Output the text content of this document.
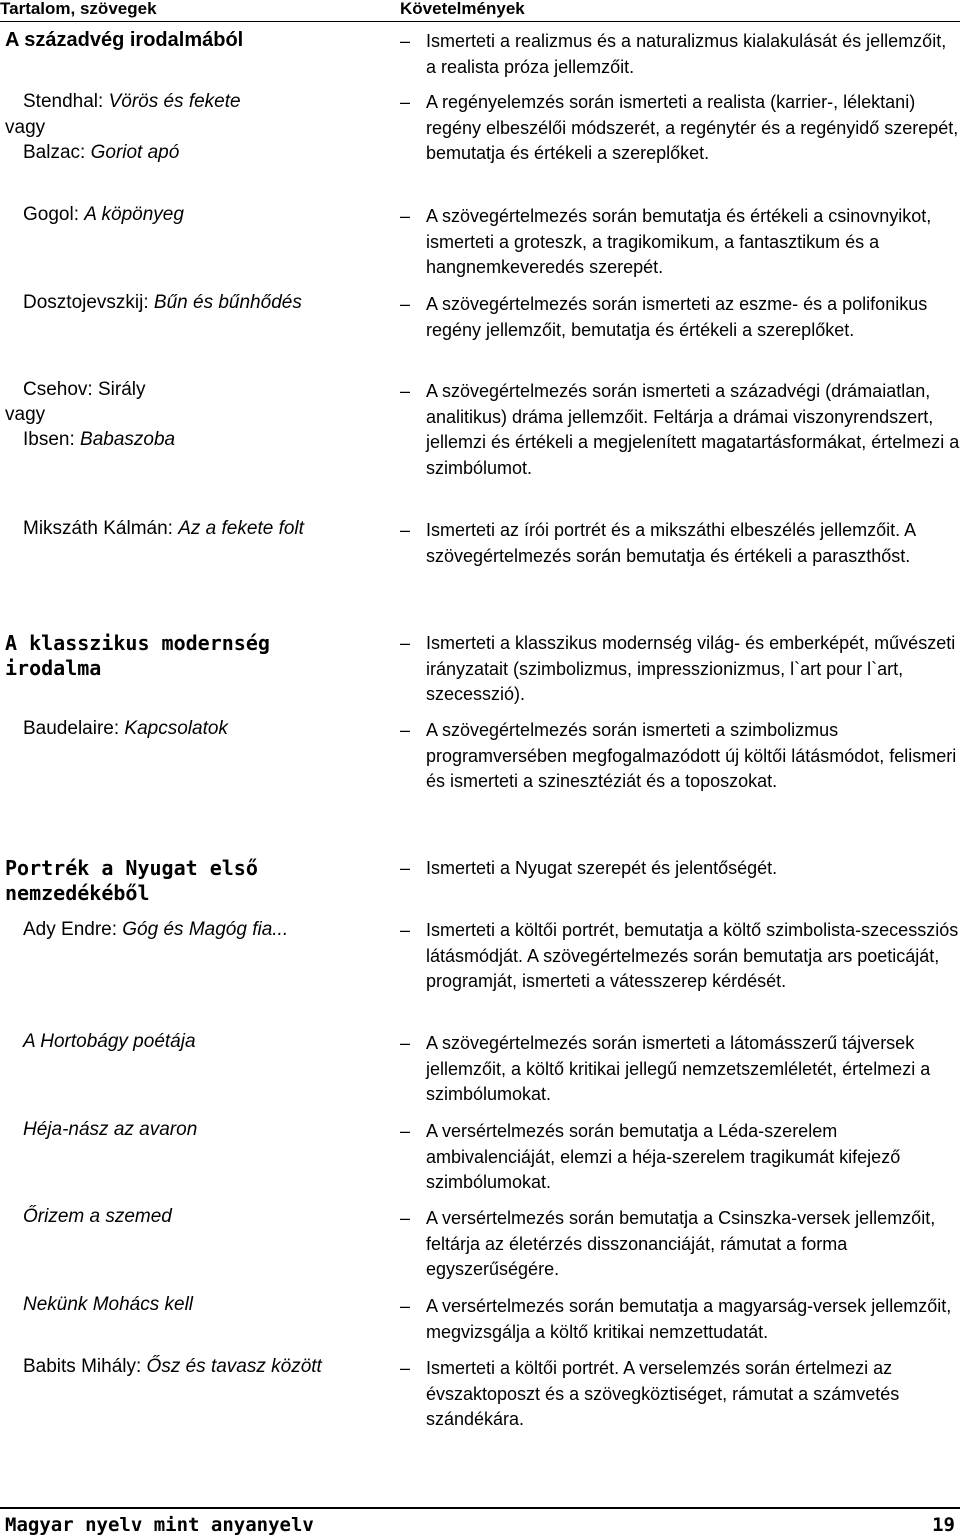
Tartalom, szövegek	Követelmények
A századvég irodalmából
Stendhal: Vörös és fekete
vagy
Balzac: Goriot apó
Gogol: A köpönyeg
Dosztojevszkij: Bűn és bűnhődés
Csehov: Sirály
vagy
Ibsen: Babaszoba
Mikszáth Kálmán: Az a fekete folt
A klasszikus modernség
irodalma
Baudelaire: Kapcsolatok
Portrék a Nyugat első
nemzedékéből
Ady Endre: Góg és Magóg fia...
A Hortobágy poétája
Héja-nász az avaron
Őrizem a szemed
Nekünk Mohács kell
Babits Mihály: Ősz és tavasz között
– Ismerteti a realizmus és a naturalizmus kialakulását és jellemzőit, a realista próza jellemzőit.
– A regényelemzés során ismerteti a realista (karrier-, lélektani) regény elbeszélői módszerét, a regénytér és a regényidő szerepét, bemutatja és értékeli a szereplőket.
– A szövegértelmezés során bemutatja és értékeli a csinovnyikot, ismerteti a groteszk, a tragikomikum, a fantasztikum és a hangnemkeveredés szerepét.
– A szövegértelmezés során ismerteti az eszme- és a polifonikus regény jellemzőit, bemutatja és értékeli a szereplőket.
– A szövegértelmezés során ismerteti a századvégi (drámaiatlan, analitikus) dráma jellemzőit. Feltárja a drámai viszonyrendszert, jellemzi és értékeli a megjelenített magatartásformákat, értelmezi a szimbólumot.
– Ismerteti az írói portrét és a mikszáthi elbeszélés jellemzőit. A szövegértelmezés során bemutatja és értékeli a paraszthőst.
– Ismerteti a klasszikus modernség világ- és emberképét, művészeti irányzatait (szimbolizmus, impresszionizmus, l`art pour l`art, szecesszió).
– A szövegértelmezés során ismerteti a szimbolizmus programversében megfogalmazódott új költői látásmódot, felismeri és ismerteti a szinesztéziát és a toposzokat.
– Ismerteti a Nyugat szerepét és jelentőségét.
– Ismerteti a költői portrét, bemutatja a költő szimbolista-szecessziós látásmódját. A szövegértelmezés során bemutatja ars poeticáját, programját, ismerteti a vátesszerep kérdését.
– A szövegértelmezés során ismerteti a látomásszerű tájversek jellemzőit, a költő kritikai jellegű nemzetszemléletét, értelmezi a szimbólumokat.
– A versértelmezés során bemutatja a Léda-szerelem ambivalenciáját, elemzi a héja-szerelem tragikumát kifejező szimbólumokat.
– A versértelmezés során bemutatja a Csinszka-versek jellemzőit, feltárja az életérzés disszonanciáját, rámutat a forma egyszerűségére.
– A versértelmezés során bemutatja a magyarság-versek jellemzőit, megvizsgálja a költő kritikai nemzettudatát.
– Ismerteti a költői portrét. A verselemzés során értelmezi az évszaktoposzt és a szövegköztiséget, rámutat a számvetés szándékára.
Magyar nyelv mint anyanyelv	19
